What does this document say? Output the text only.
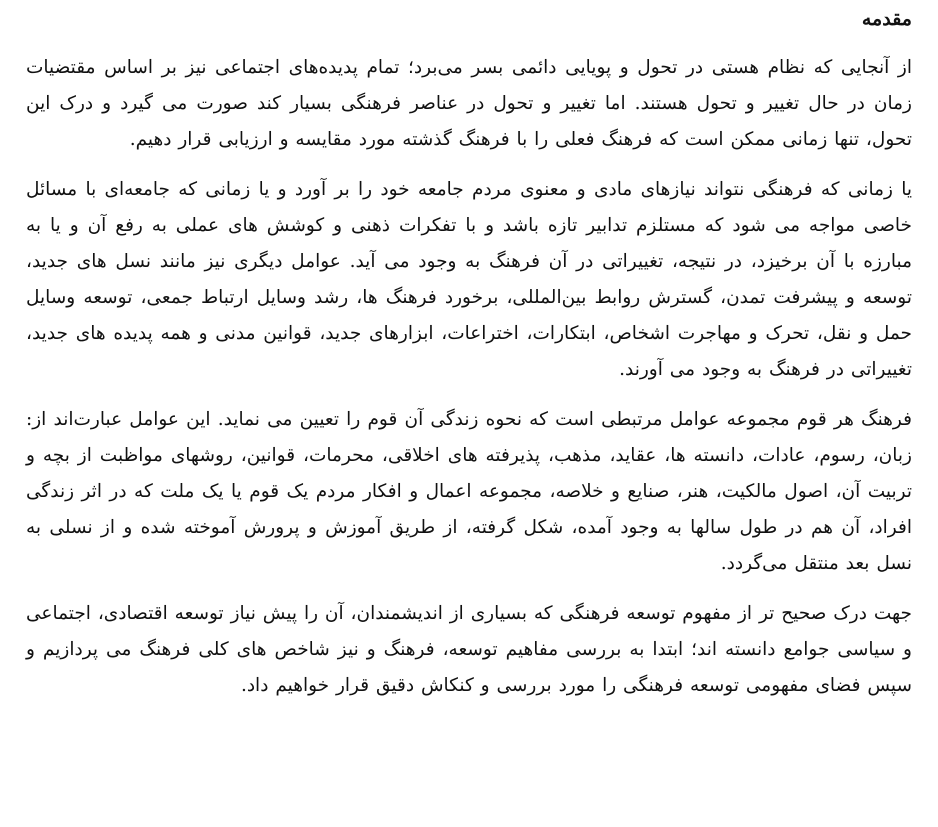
مقدمه

از آنجایی که نظام هستی در تحول و پویایی دائمی بسر می‌برد؛ تمام پدیده‌های اجتماعی نیز بر اساس مقتضیات زمان در حال تغییر و تحول هستند. اما تغییر و تحول در عناصر فرهنگی بسیار کند صورت می گیرد و درک این تحول، تنها زمانی ممکن است که فرهنگ فعلی را با فرهنگ گذشته مورد مقایسه و ارزیابی قرار دهیم.

یا زمانی که فرهنگی نتواند نیازهای مادی و معنوی مردم جامعه خود را بر آورد و یا زمانی که جامعه‌ای با مسائل خاصی مواجه می شود که مستلزم تدابیر تازه باشد و با تفکرات ذهنی و کوشش های عملی به رفع آن و یا به مبارزه با آن برخیزد، در نتیجه، تغییراتی در آن فرهنگ به وجود می آید. عوامل دیگری نیز مانند نسل های جدید، توسعه و پیشرفت تمدن، گسترش روابط بین‌المللی، برخورد فرهنگ ها، رشد وسایل ارتباط جمعی، توسعه وسایل حمل و نقل، تحرک و مهاجرت اشخاص، ابتکارات، اختراعات، ابزارهای جدید، قوانین مدنی و همه پدیده های جدید، تغییراتی در فرهنگ به وجود می آورند.

فرهنگ هر قوم مجموعه عوامل مرتبطی است که نحوه زندگی آن قوم را تعیین می نماید. این عوامل عبارت‌اند از: زبان، رسوم، عادات، دانسته ها، عقاید، مذهب، پذیرفته های اخلاقی، محرمات، قوانین، روشهای مواظبت از بچه و تربیت آن، اصول مالکیت، هنر، صنایع و خلاصه، مجموعه اعمال و افکار مردم یک قوم یا یک ملت که در اثر زندگی افراد، آن هم در طول سالها به وجود آمده، شکل گرفته، از طریق آموزش و پرورش آموخته شده و از نسلی به نسل بعد منتقل می‌گردد.

جهت درک صحیح تر از مفهوم توسعه فرهنگی که بسیاری از اندیشمندان، آن را پیش نیاز توسعه اقتصادی، اجتماعی و سیاسی جوامع دانسته اند؛ ابتدا به بررسی مفاهیم توسعه، فرهنگ و نیز شاخص های کلی فرهنگ می پردازیم و سپس فضای مفهومی توسعه فرهنگی را مورد بررسی و کنکاش دقیق قرار خواهیم داد.
